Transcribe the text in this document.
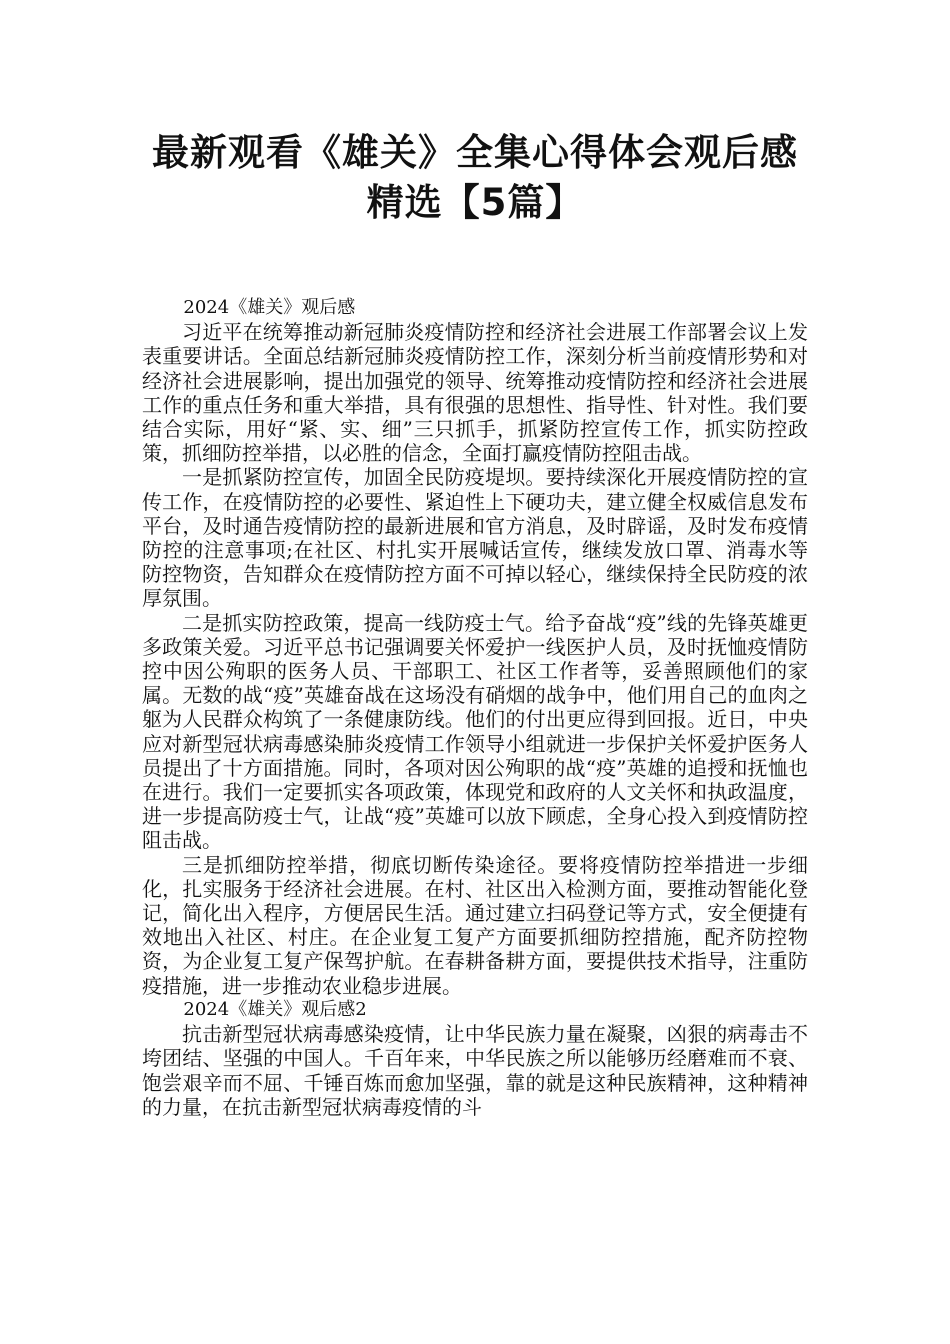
最新观看《雄关》全集心得体会观后感
精选【5篇】

2024《雄关》观后感

习近平在统筹推动新冠肺炎疫情防控和经济社会进展工作部署会议上发表重要讲话。全面总结新冠肺炎疫情防控工作，深刻分析当前疫情形势和对经济社会进展影响，提出加强党的领导、统筹推动疫情防控和经济社会进展工作的重点任务和重大举措，具有很强的思想性、指导性、针对性。我们要结合实际，用好“紧、实、细”三只抓手，抓紧防控宣传工作，抓实防控政策，抓细防控举措，以必胜的信念，全面打赢疫情防控阻击战。

一是抓紧防控宣传，加固全民防疫堤坝。要持续深化开展疫情防控的宣传工作，在疫情防控的必要性、紧迫性上下硬功夫，建立健全权威信息发布平台，及时通告疫情防控的最新进展和官方消息，及时辟谣，及时发布疫情防控的注意事项;在社区、村扎实开展喊话宣传，继续发放口罩、消毒水等防控物资，告知群众在疫情防控方面不可掉以轻心，继续保持全民防疫的浓厚氛围。

二是抓实防控政策，提高一线防疫士气。给予奋战“疫”线的先锋英雄更多政策关爱。习近平总书记强调要关怀爱护一线医护人员，及时抚恤疫情防控中因公殉职的医务人员、干部职工、社区工作者等，妥善照顾他们的家属。无数的战“疫”英雄奋战在这场没有硝烟的战争中，他们用自己的血肉之躯为人民群众构筑了一条健康防线。他们的付出更应得到回报。近日，中央应对新型冠状病毒感染肺炎疫情工作领导小组就进一步保护关怀爱护医务人员提出了十方面措施。同时，各项对因公殉职的战“疫”英雄的追授和抚恤也在进行。我们一定要抓实各项政策，体现党和政府的人文关怀和执政温度，进一步提高防疫士气，让战“疫”英雄可以放下顾虑，全身心投入到疫情防控阻击战。

三是抓细防控举措，彻底切断传染途径。要将疫情防控举措进一步细化，扎实服务于经济社会进展。在村、社区出入检测方面，要推动智能化登记，简化出入程序，方便居民生活。通过建立扫码登记等方式，安全便捷有效地出入社区、村庄。在企业复工复产方面要抓细防控措施，配齐防控物资，为企业复工复产保驾护航。在春耕备耕方面，要提供技术指导，注重防疫措施，进一步推动农业稳步进展。

2024《雄关》观后感2

抗击新型冠状病毒感染疫情，让中华民族力量在凝聚，凶狠的病毒击不垮团结、坚强的中国人。千百年来，中华民族之所以能够历经磨难而不衰、饱尝艰辛而不屈、千锤百炼而愈加坚强，靠的就是这种民族精神，这种精神的力量，在抗击新型冠状病毒疫情的斗
